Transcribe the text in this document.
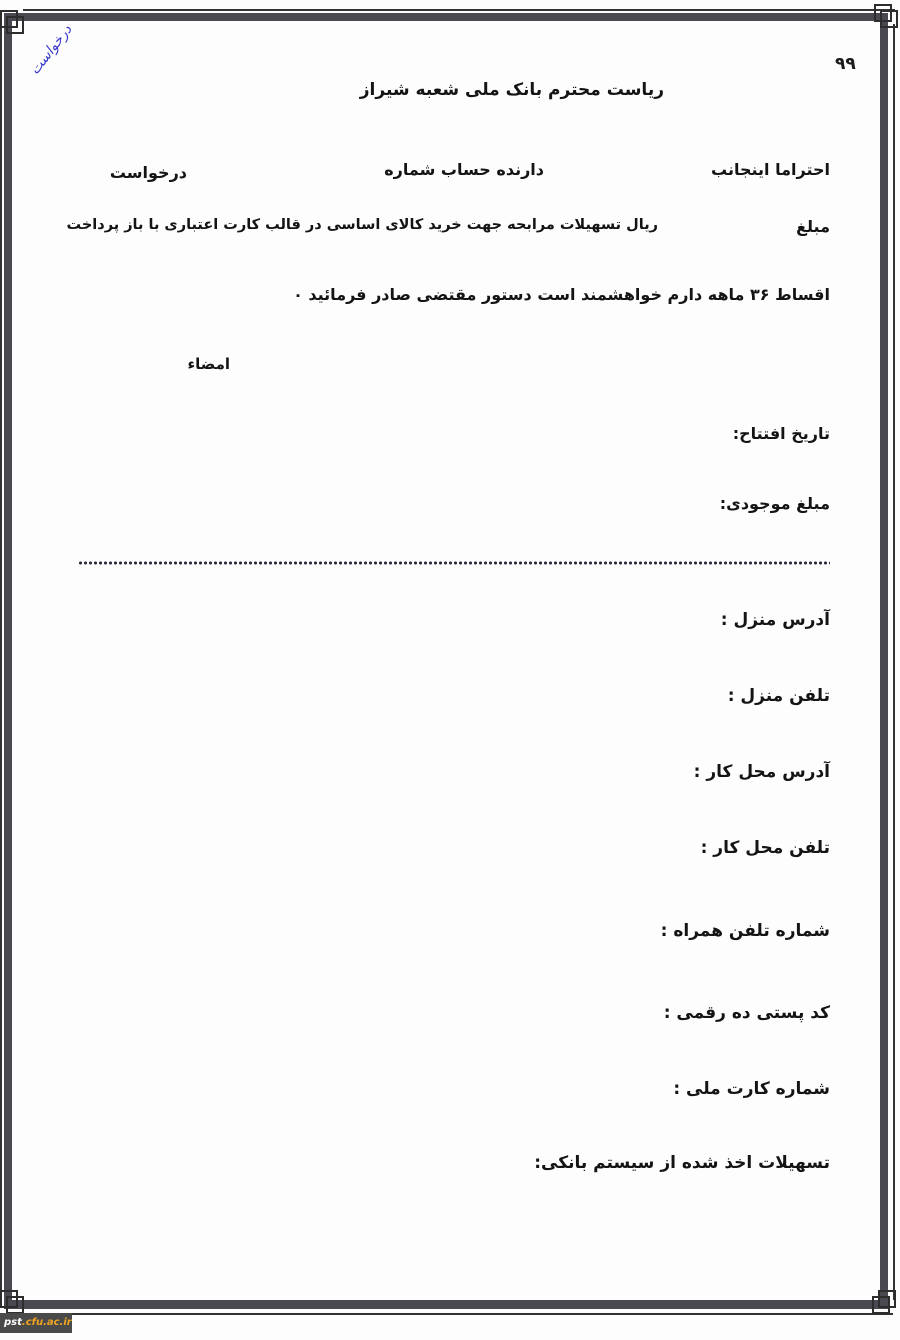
درخواست	۹۹
ریاست محترم بانک ملی شعبه شیراز
احتراما اینجانب
دارنده حساب شماره
درخواست
مبلغ
ریال تسهیلات مرابحه جهت خرید کالای اساسی در قالب کارت اعتباری با باز پرداخت
اقساط ۳۶ ماهه دارم خواهشمند است دستور مقتضی صادر فرمائید ٠
امضاء
تاریخ افتتاح:
مبلغ موجودی:
آدرس منزل :
تلفن منزل :
آدرس محل کار :
تلفن محل کار :
شماره تلفن همراه :
کد پستی ده رقمی :
شماره کارت ملی :
تسهیلات اخذ شده از سیستم بانکی:
pst.cfu.ac.ir
